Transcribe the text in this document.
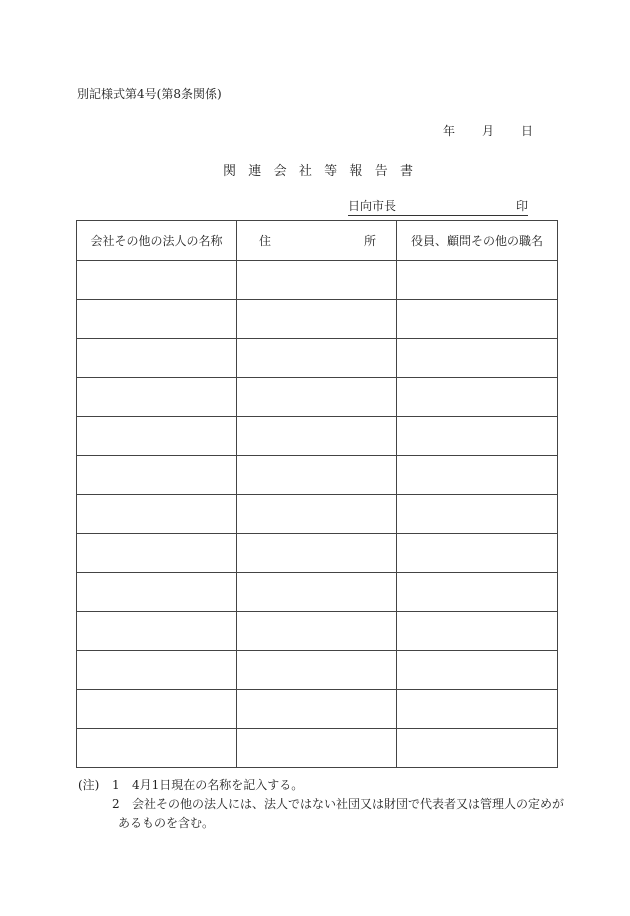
別記様式第4号(第8条関係)
年 月 日
関 連 会 社 等 報 告 書
日向市長	印
会社その他の法人の名称	住 所	役員、顧問その他の職名

(注)	1	4月1日現在の名称を記入する。
2	会社その他の法人には、法人ではない社団又は財団で代表者又は管理人の定めが
あるものを含む。
